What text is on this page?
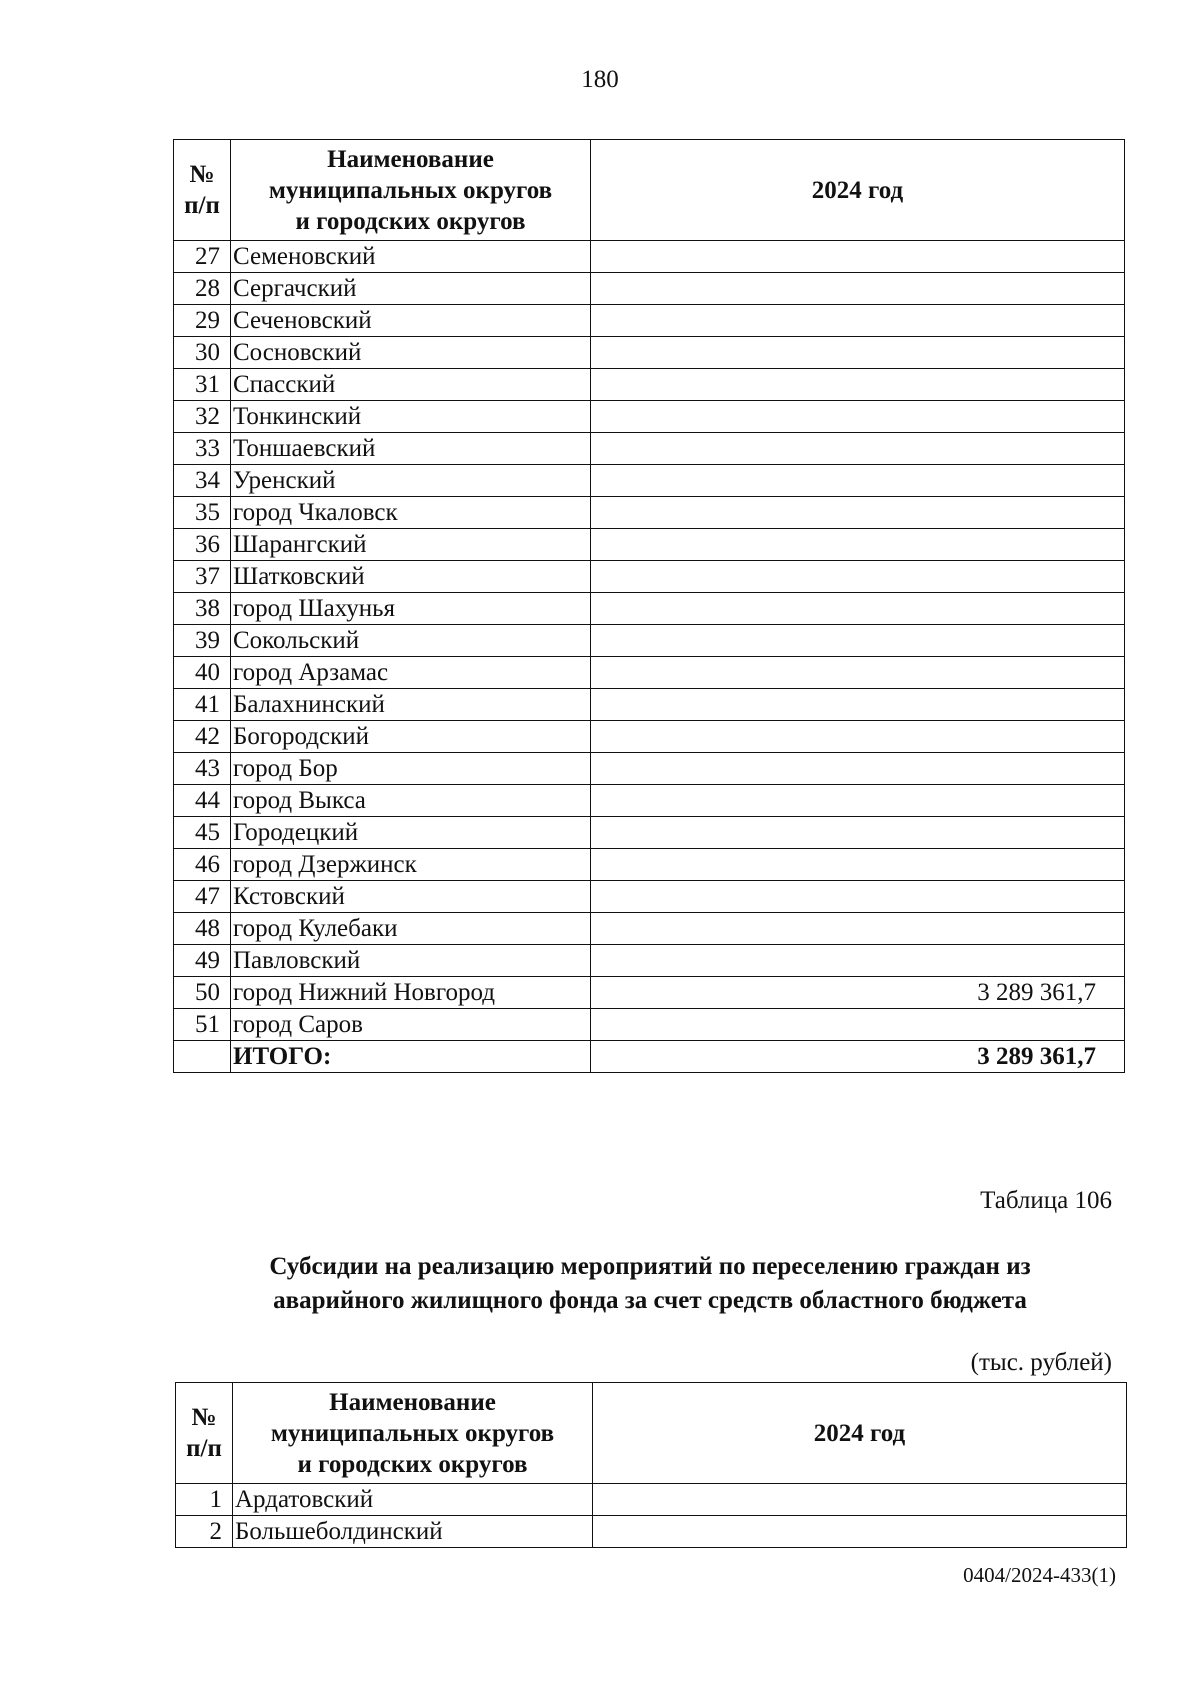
180
№
п/п	Наименование
муниципальных округов
и городских округов	2024 год
27	Семеновский	
28	Сергачский	
29	Сеченовский	
30	Сосновский	
31	Спасский	
32	Тонкинский	
33	Тоншаевский	
34	Уренский	
35	город Чкаловск	
36	Шарангский	
37	Шатковский	
38	город Шахунья	
39	Сокольский	
40	город Арзамас	
41	Балахнинский	
42	Богородский	
43	город Бор	
44	город Выкса	
45	Городецкий	
46	город Дзержинск	
47	Кстовский	
48	город Кулебаки	
49	Павловский	
50	город Нижний Новгород	3 289 361,7
51	город Саров	
	ИТОГО:	3 289 361,7
Таблица 106
Субсидии на реализацию мероприятий по переселению граждан из
аварийного жилищного фонда за счет средств областного бюджета
(тыс. рублей)
№
п/п	Наименование
муниципальных округов
и городских округов	2024 год
1	Ардатовский	
2	Большеболдинский	
0404/2024-433(1)
